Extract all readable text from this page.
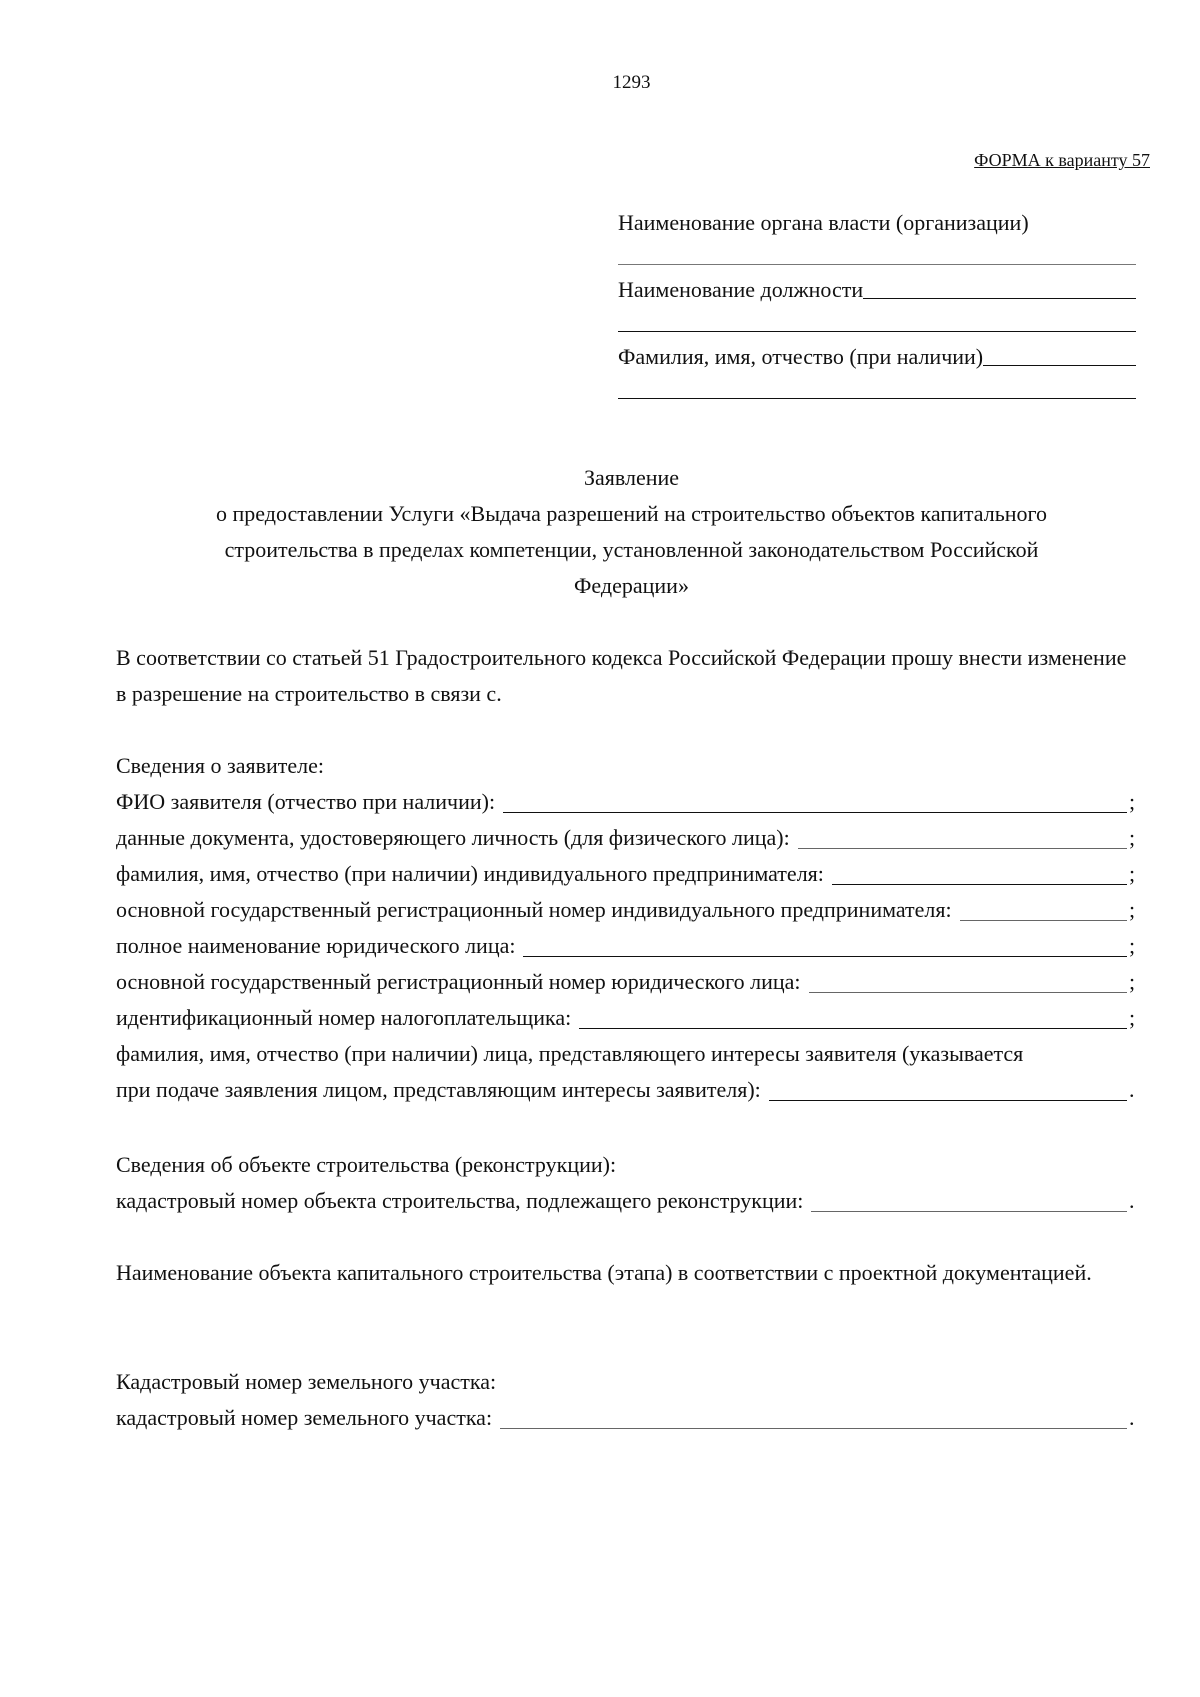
1293
ФОРМА к варианту 57
Наименование органа власти (организации)
Наименование должности
Фамилия, имя, отчество (при наличии)
Заявление
о предоставлении Услуги «Выдача разрешений на строительство объектов капитального
строительства в пределах компетенции, установленной законодательством Российской
Федерации»

В соответствии со статьей 51 Градостроительного кодекса Российской Федерации прошу внести изменение в разрешение на строительство в связи с.

Сведения о заявителе:
ФИО заявителя (отчество при наличии):	;
данные документа, удостоверяющего личность (для физического лица):	;
фамилия, имя, отчество (при наличии) индивидуального предпринимателя:	;
основной государственный регистрационный номер индивидуального предпринимателя:	;
полное наименование юридического лица:	;
основной государственный регистрационный номер юридического лица:	;
идентификационный номер налогоплательщика:	;
фамилия, имя, отчество (при наличии) лица, представляющего интересы заявителя (указывается
при подаче заявления лицом, представляющим интересы заявителя):	.
Сведения об объекте строительства (реконструкции):
кадастровый номер объекта строительства, подлежащего реконструкции:	.

Наименование объекта капитального строительства (этапа) в соответствии с проектной документацией.

Кадастровый номер земельного участка:
кадастровый номер земельного участка:	.
